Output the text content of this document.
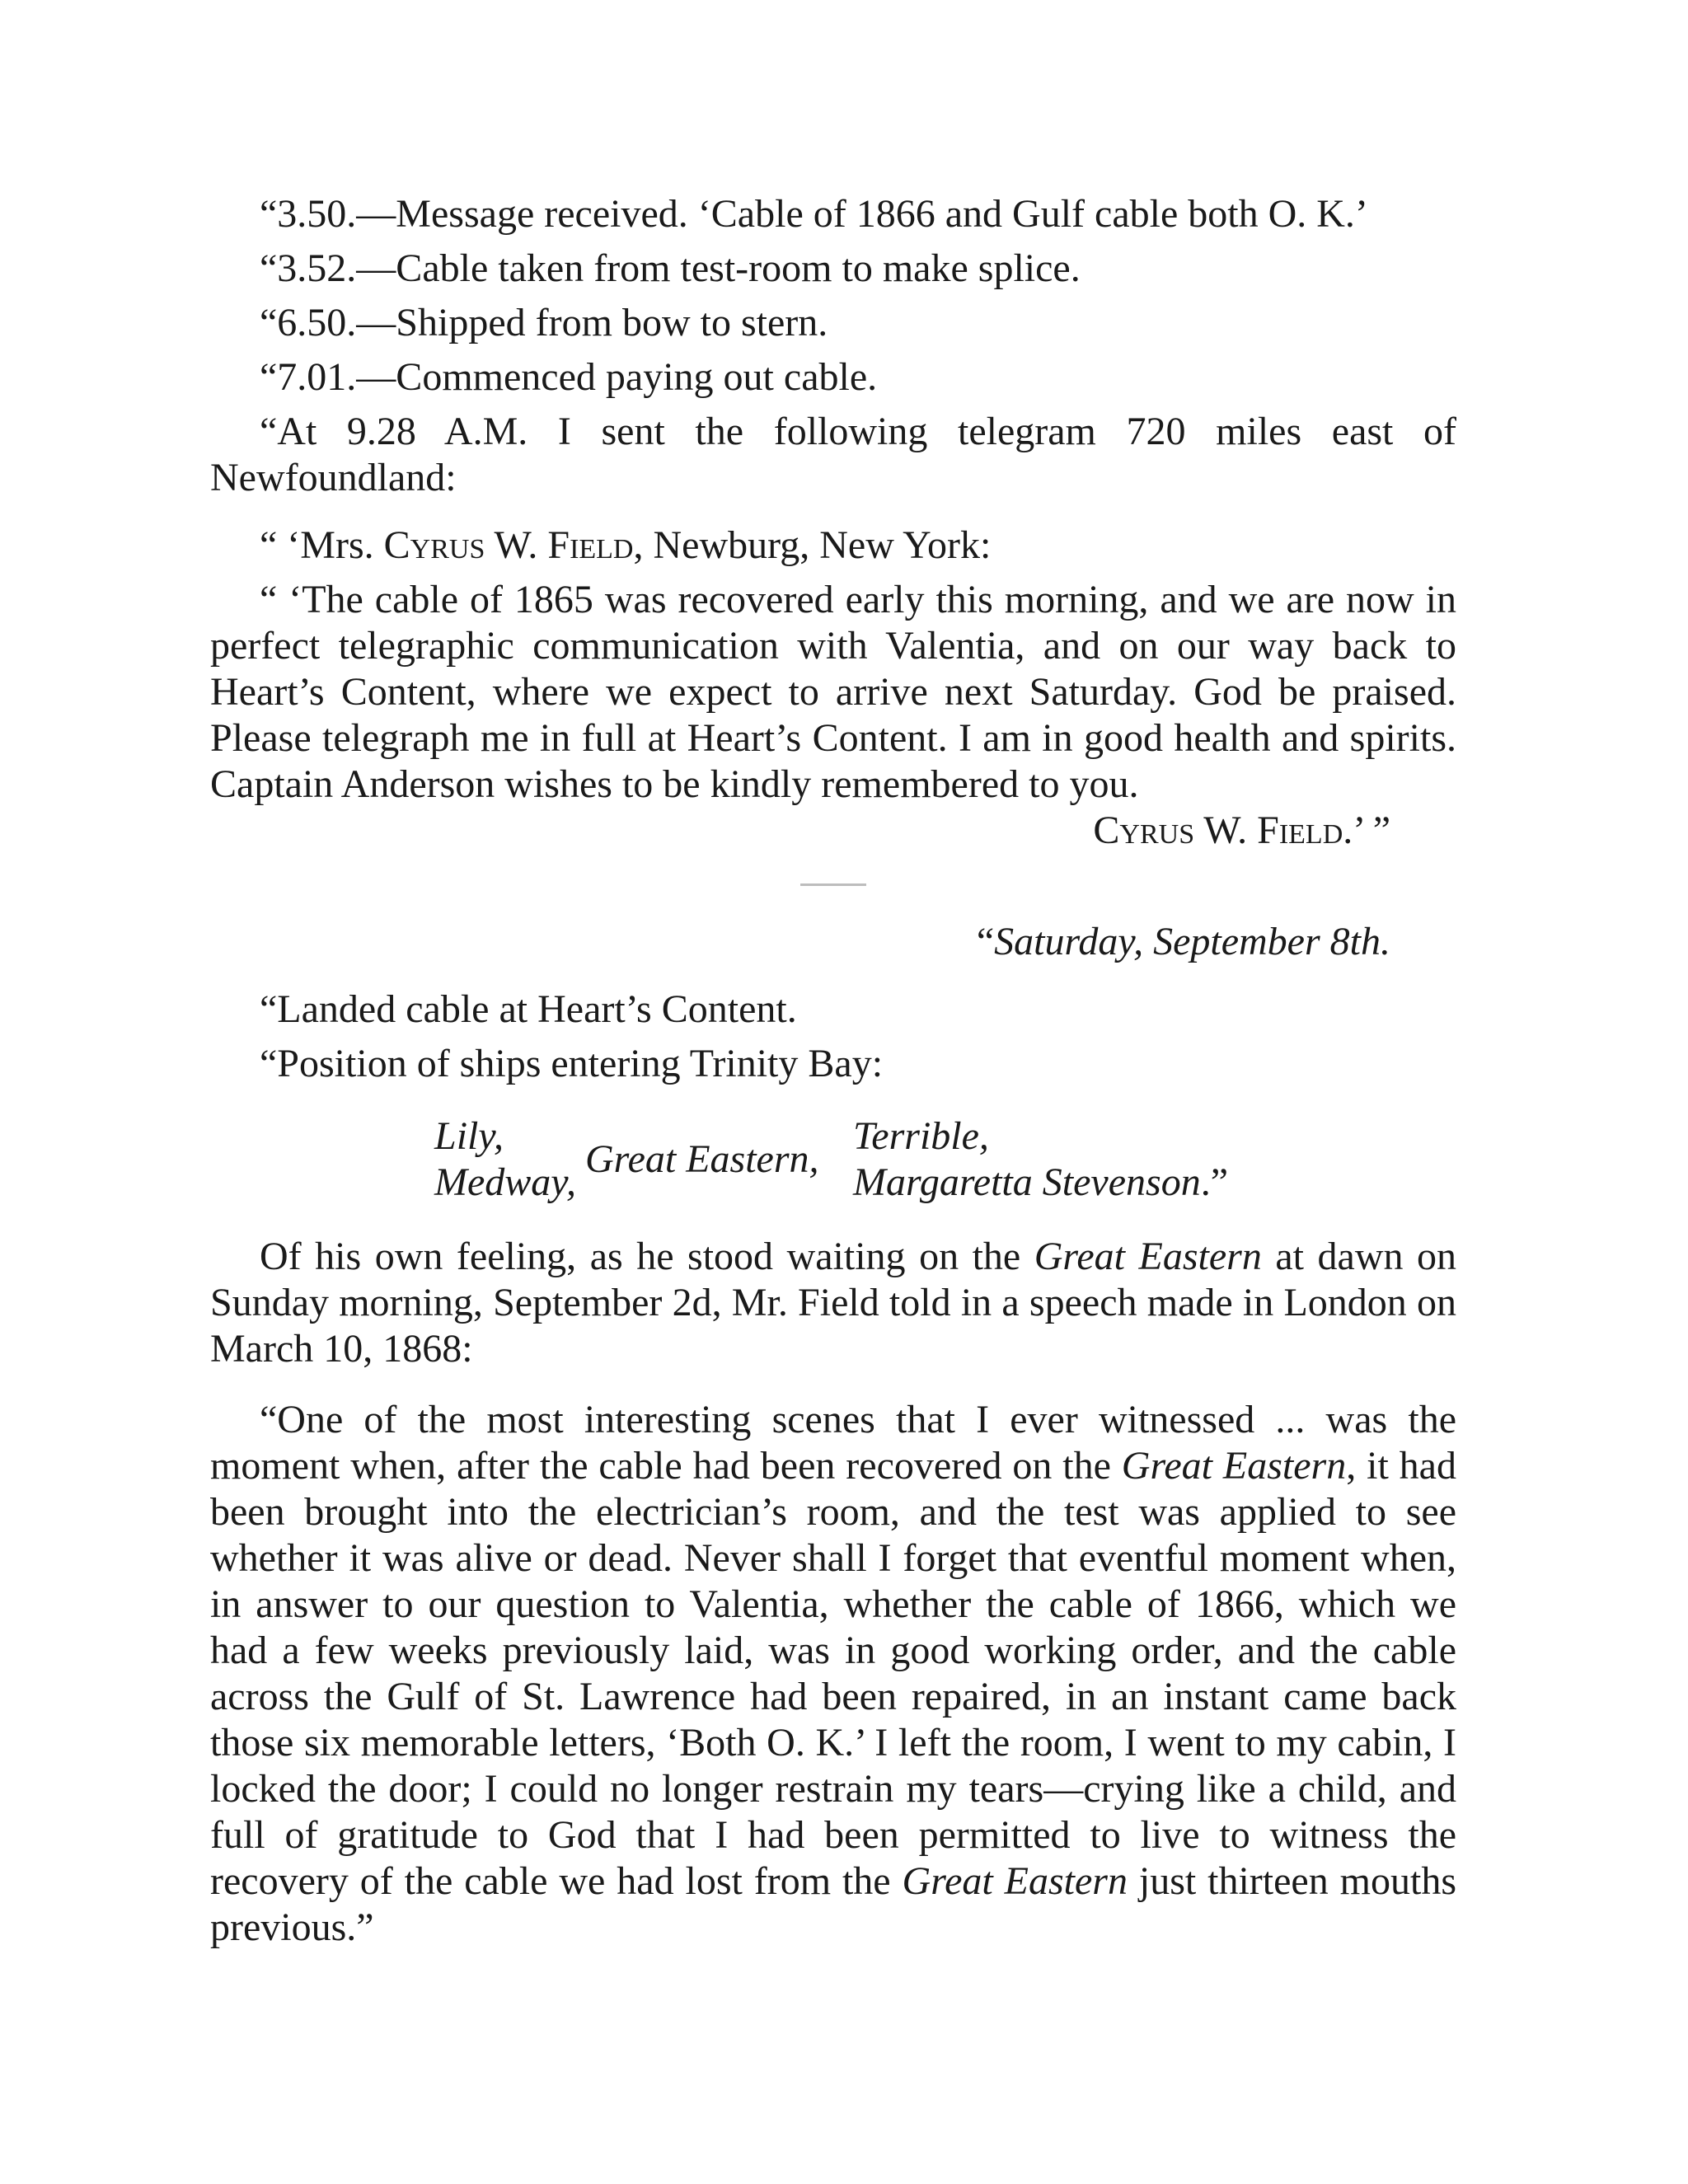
“3.50.—Message received. ‘Cable of 1866 and Gulf cable both O. K.’

“3.52.—Cable taken from test-room to make splice.

“6.50.—Shipped from bow to stern.

“7.01.—Commenced paying out cable.

“At 9.28 A.M. I sent the following telegram 720 miles east of Newfoundland:

“ ‘Mrs. Cyrus W. Field, Newburg, New York:

“ ‘The cable of 1865 was recovered early this morning, and we are now in perfect telegraphic communication with Valentia, and on our way back to Heart’s Content, where we expect to arrive next Saturday. God be praised. Please telegraph me in full at Heart’s Content. I am in good health and spirits. Captain Anderson wishes to be kindly remembered to you.

Cyrus W. Field.’ ”

“Saturday, September 8th.

“Landed cable at Heart’s Content.

“Position of ships entering Trinity Bay:

Lily,
Medway,
Great Eastern,
Terrible,
Margaretta Stevenson.”

Of his own feeling, as he stood waiting on the Great Eastern at dawn on Sunday morning, September 2d, Mr. Field told in a speech made in London on March 10, 1868:

“One of the most interesting scenes that I ever witnessed ... was the moment when, after the cable had been recovered on the Great Eastern, it had been brought into the electrician’s room, and the test was applied to see whether it was alive or dead. Never shall I forget that eventful moment when, in answer to our question to Valentia, whether the cable of 1866, which we had a few weeks previously laid, was in good working order, and the cable across the Gulf of St. Lawrence had been repaired, in an instant came back those six memorable letters, ‘Both O. K.’ I left the room, I went to my cabin, I locked the door; I could no longer restrain my tears—crying like a child, and full of gratitude to God that I had been permitted to live to witness the recovery of the cable we had lost from the Great Eastern just thirteen mouths previous.”
